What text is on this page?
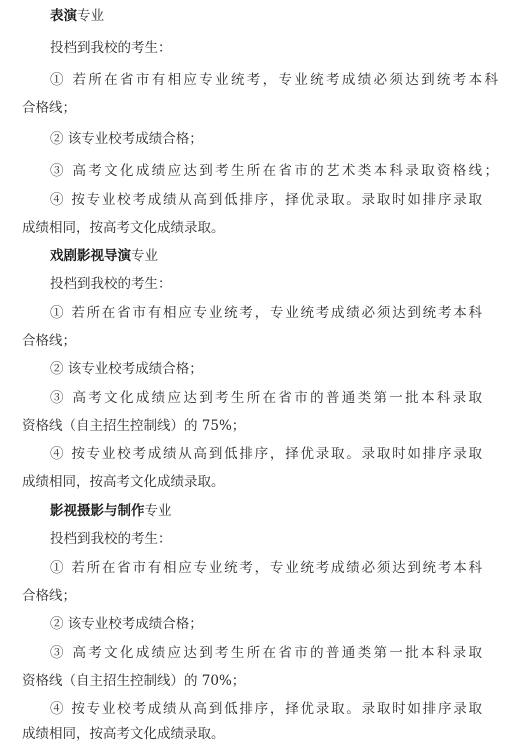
表演专业
投档到我校的考生：
① 若所在省市有相应专业统考，专业统考成绩必须达到统考本科
合格线；
② 该专业校考成绩合格；
③ 高考文化成绩应达到考生所在省市的艺术类本科录取资格线；
④ 按专业校考成绩从高到低排序，择优录取。录取时如排序录取
成绩相同，按高考文化成绩录取。
戏剧影视导演专业
投档到我校的考生：
① 若所在省市有相应专业统考，专业统考成绩必须达到统考本科
合格线；
② 该专业校考成绩合格；
③ 高考文化成绩应达到考生所在省市的普通类第一批本科录取
资格线（自主招生控制线）的 75%；
④ 按专业校考成绩从高到低排序，择优录取。录取时如排序录取
成绩相同，按高考文化成绩录取。
影视摄影与制作专业
投档到我校的考生：
① 若所在省市有相应专业统考，专业统考成绩必须达到统考本科
合格线；
② 该专业校考成绩合格；
③ 高考文化成绩应达到考生所在省市的普通类第一批本科录取
资格线（自主招生控制线）的 70%；
④ 按专业校考成绩从高到低排序，择优录取。录取时如排序录取
成绩相同，按高考文化成绩录取。
